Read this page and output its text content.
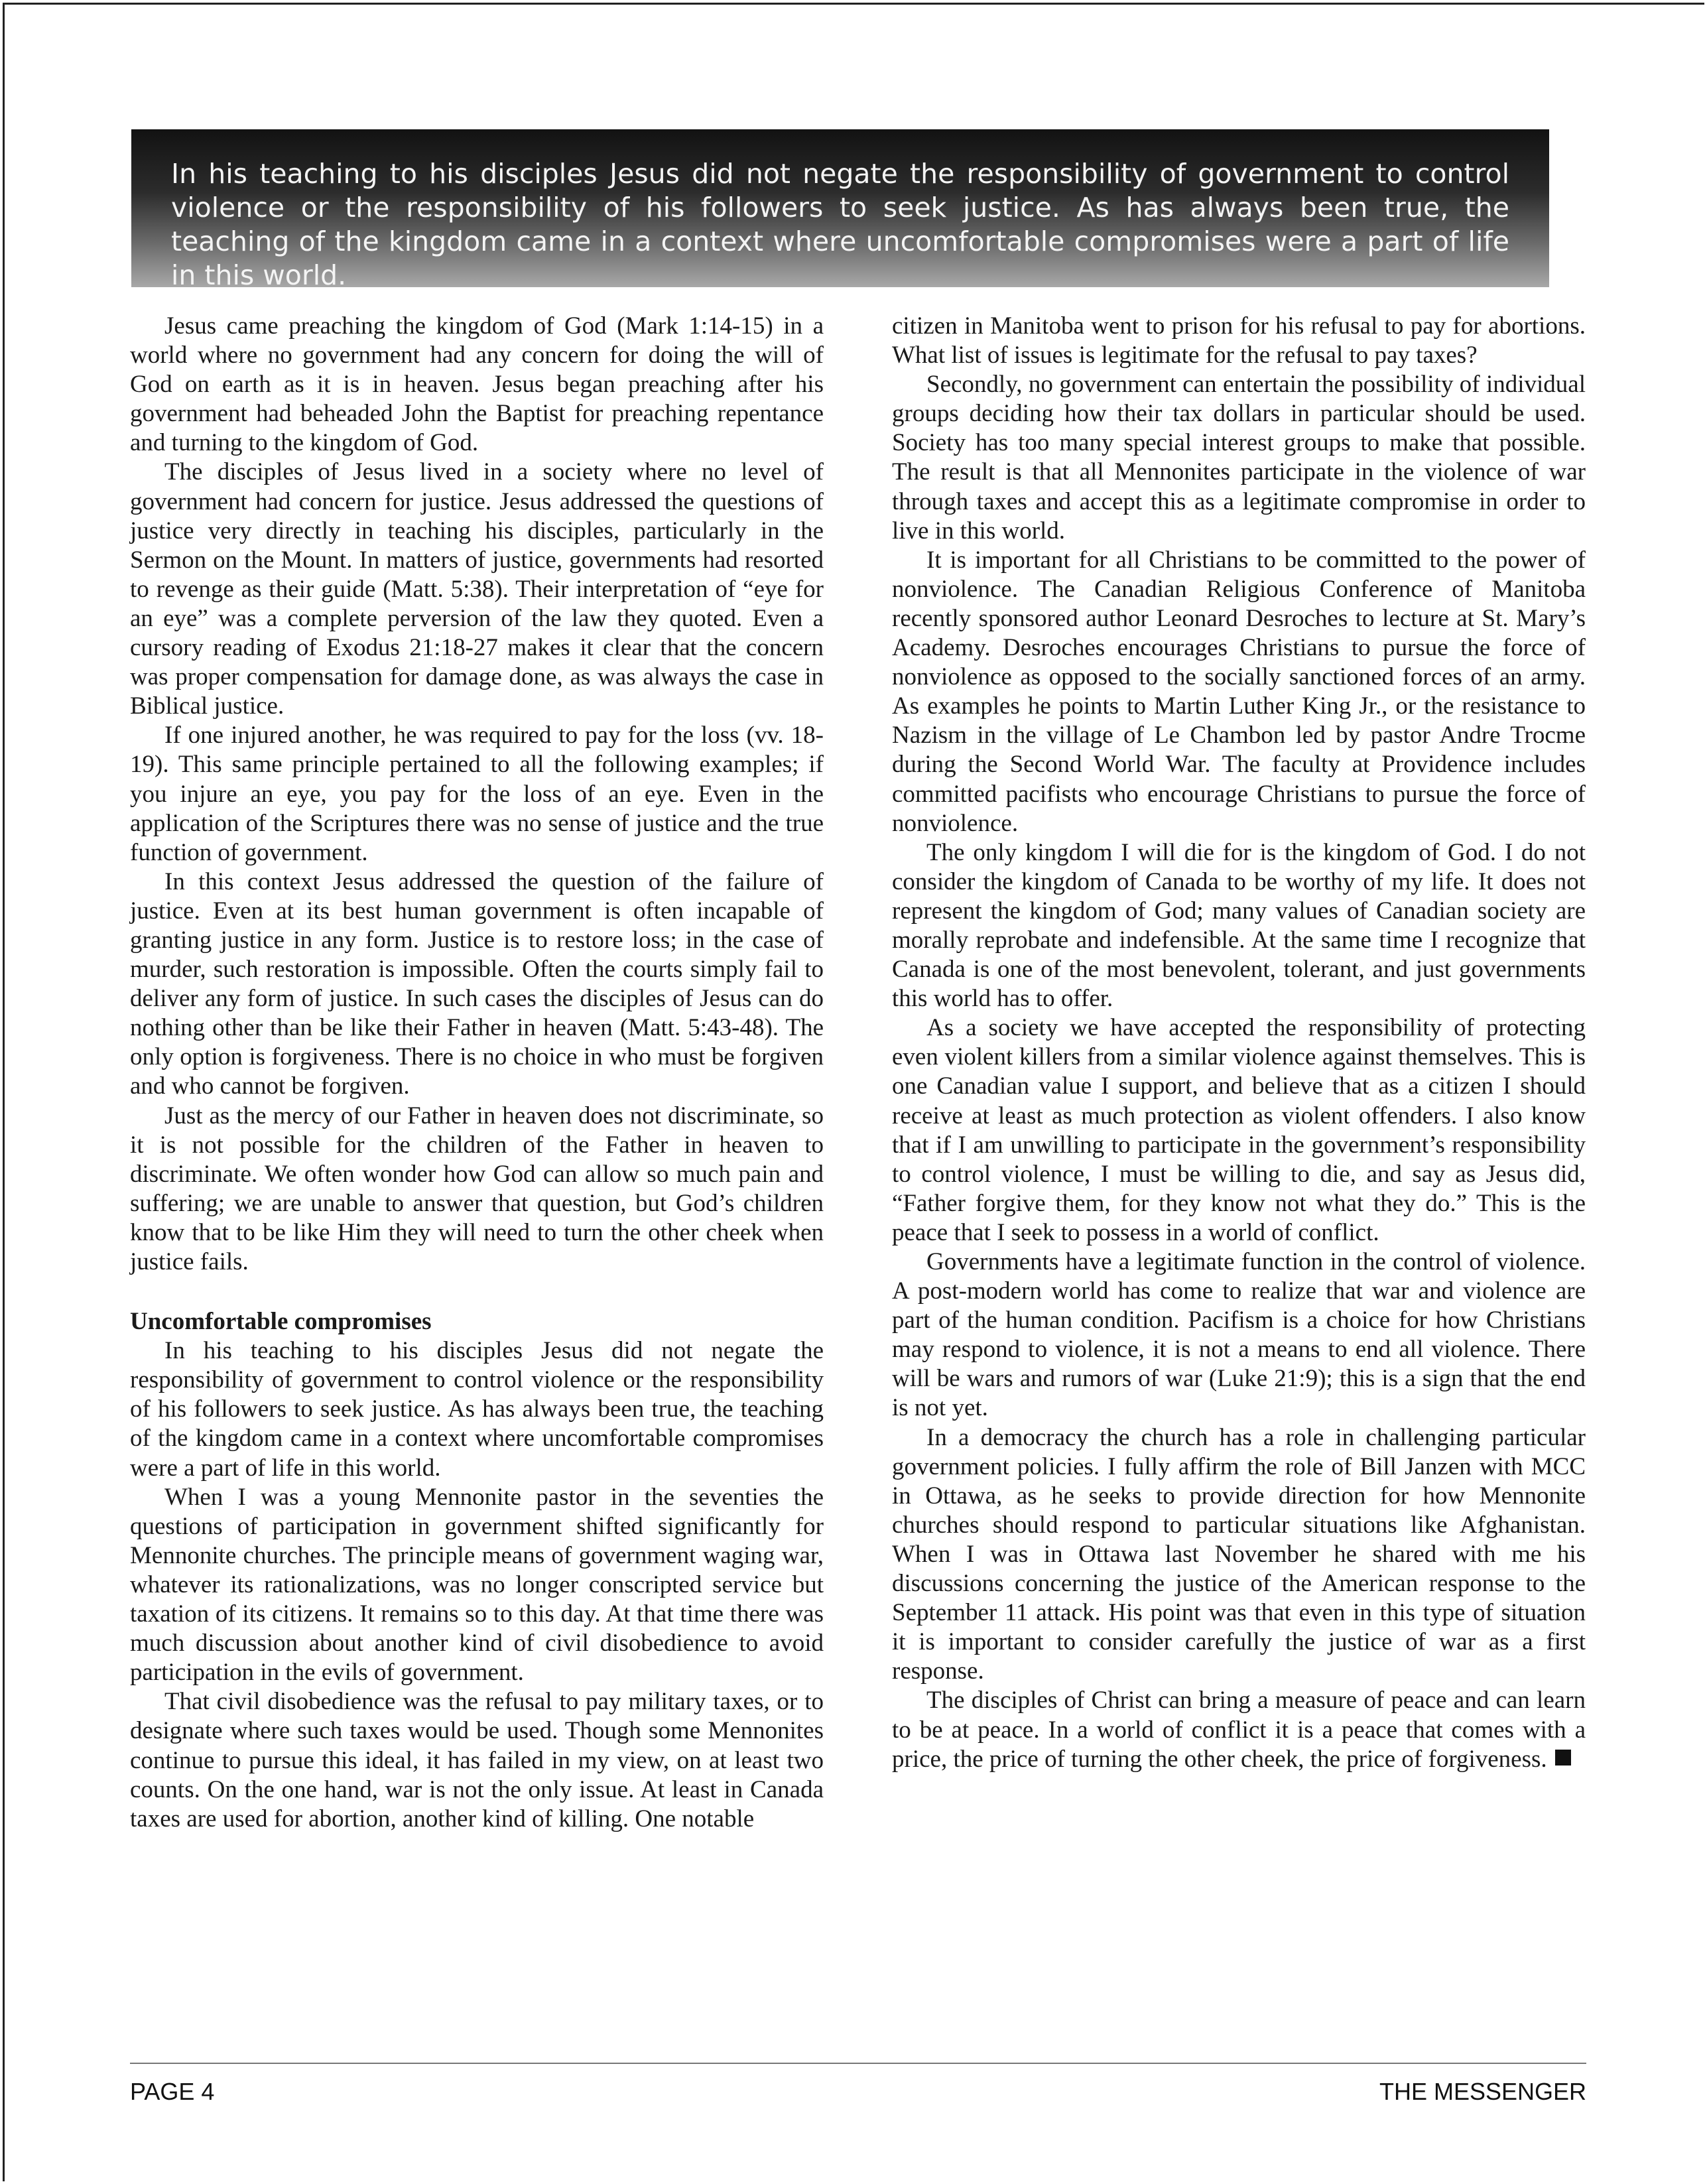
In his teaching to his disciples Jesus did not negate the responsibility of government to control violence or the responsibility of his followers to seek justice. As has always been true, the teaching of the kingdom came in a context where uncomfortable compromises were a part of life in this world.

Jesus came preaching the kingdom of God (Mark 1:14-15) in a world where no government had any concern for doing the will of God on earth as it is in heaven. Jesus began preaching after his government had beheaded John the Baptist for preaching repentance and turning to the kingdom of God.

The disciples of Jesus lived in a society where no level of government had concern for justice. Jesus addressed the questions of justice very directly in teaching his disciples, particularly in the Sermon on the Mount. In matters of justice, governments had resorted to revenge as their guide (Matt. 5:38). Their interpretation of “eye for an eye” was a complete perversion of the law they quoted. Even a cursory reading of Exodus 21:18-27 makes it clear that the concern was proper compensation for damage done, as was always the case in Biblical justice.

If one injured another, he was required to pay for the loss (vv. 18-19). This same principle pertained to all the following examples; if you injure an eye, you pay for the loss of an eye. Even in the application of the Scriptures there was no sense of justice and the true function of government.

In this context Jesus addressed the question of the failure of justice. Even at its best human government is often incapable of granting justice in any form. Justice is to restore loss; in the case of murder, such restoration is impossible. Often the courts simply fail to deliver any form of justice. In such cases the disciples of Jesus can do nothing other than be like their Father in heaven (Matt. 5:43-48). The only option is forgiveness. There is no choice in who must be forgiven and who cannot be forgiven.

Just as the mercy of our Father in heaven does not discriminate, so it is not possible for the children of the Father in heaven to discriminate. We often wonder how God can allow so much pain and suffering; we are unable to answer that question, but God’s children know that to be like Him they will need to turn the other cheek when justice fails.

Uncomfortable compromises

In his teaching to his disciples Jesus did not negate the responsibility of government to control violence or the responsibility of his followers to seek justice. As has always been true, the teaching of the kingdom came in a context where uncomfortable compromises were a part of life in this world.

When I was a young Mennonite pastor in the seventies the questions of participation in government shifted significantly for Mennonite churches. The principle means of government waging war, whatever its rationalizations, was no longer conscripted service but taxation of its citizens. It remains so to this day. At that time there was much discussion about another kind of civil disobedience to avoid participation in the evils of government.

That civil disobedience was the refusal to pay military taxes, or to designate where such taxes would be used. Though some Mennonites continue to pursue this ideal, it has failed in my view, on at least two counts. On the one hand, war is not the only issue. At least in Canada taxes are used for abortion, another kind of killing. One notable

citizen in Manitoba went to prison for his refusal to pay for abortions. What list of issues is legitimate for the refusal to pay taxes?

Secondly, no government can entertain the possibility of individual groups deciding how their tax dollars in particular should be used. Society has too many special interest groups to make that possible. The result is that all Mennonites participate in the violence of war through taxes and accept this as a legitimate compromise in order to live in this world.

It is important for all Christians to be committed to the power of nonviolence. The Canadian Religious Conference of Manitoba recently sponsored author Leonard Desroches to lecture at St. Mary’s Academy. Desroches encourages Christians to pursue the force of nonviolence as opposed to the socially sanctioned forces of an army. As examples he points to Martin Luther King Jr., or the resistance to Nazism in the village of Le Chambon led by pastor Andre Trocme during the Second World War. The faculty at Providence includes committed pacifists who encourage Christians to pursue the force of nonviolence.

The only kingdom I will die for is the kingdom of God. I do not consider the kingdom of Canada to be worthy of my life. It does not represent the kingdom of God; many values of Canadian society are morally reprobate and indefensible. At the same time I recognize that Canada is one of the most benevolent, tolerant, and just governments this world has to offer.

As a society we have accepted the responsibility of protecting even violent killers from a similar violence against themselves. This is one Canadian value I support, and believe that as a citizen I should receive at least as much protection as violent offenders. I also know that if I am unwilling to participate in the government’s responsibility to control violence, I must be willing to die, and say as Jesus did, “Father forgive them, for they know not what they do.” This is the peace that I seek to possess in a world of conflict.

Governments have a legitimate function in the control of violence. A post-modern world has come to realize that war and violence are part of the human condition. Pacifism is a choice for how Christians may respond to violence, it is not a means to end all violence. There will be wars and rumors of war (Luke 21:9); this is a sign that the end is not yet.

In a democracy the church has a role in challenging particular government policies. I fully affirm the role of Bill Janzen with MCC in Ottawa, as he seeks to provide direction for how Mennonite churches should respond to particular situations like Afghanistan. When I was in Ottawa last November he shared with me his discussions concerning the justice of the American response to the September 11 attack. His point was that even in this type of situation it is important to consider carefully the justice of war as a first response.

The disciples of Christ can bring a measure of peace and can learn to be at peace. In a world of conflict it is a peace that comes with a price, the price of turning the other cheek, the price of forgiveness.

PAGE 4	THE MESSENGER
